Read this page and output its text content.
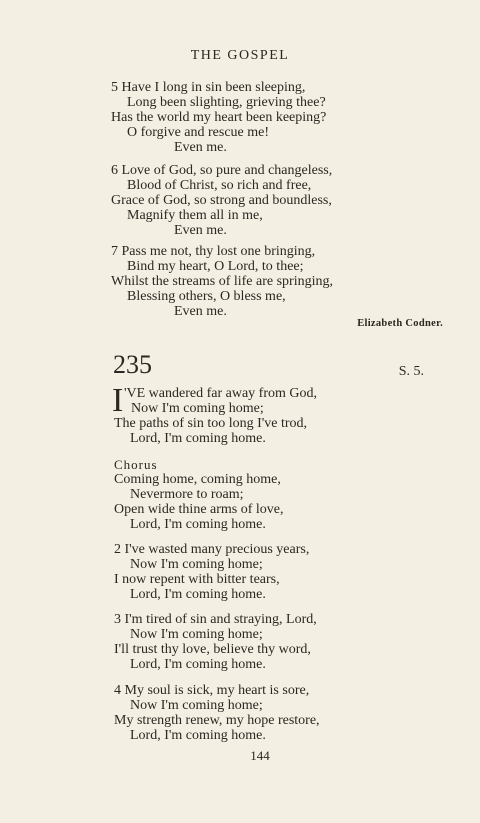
THE GOSPEL
5 Have I long in sin been sleeping,
Long been slighting, grieving thee?
Has the world my heart been keeping?
O forgive and rescue me!
Even me.
6 Love of God, so pure and changeless,
Blood of Christ, so rich and free,
Grace of God, so strong and boundless,
Magnify them all in me,
Even me.
7 Pass me not, thy lost one bringing,
Bind my heart, O Lord, to thee;
Whilst the streams of life are springing,
Blessing others, O bless me,
Even me.
Elizabeth Codner.
235	S. 5.
I 'VE wandered far away from God,
Now I'm coming home;
The paths of sin too long I've trod,
Lord, I'm coming home.
Chorus
Coming home, coming home,
Nevermore to roam;
Open wide thine arms of love,
Lord, I'm coming home.
2 I've wasted many precious years,
Now I'm coming home;
I now repent with bitter tears,
Lord, I'm coming home.
3 I'm tired of sin and straying, Lord,
Now I'm coming home;
I'll trust thy love, believe thy word,
Lord, I'm coming home.
4 My soul is sick, my heart is sore,
Now I'm coming home;
My strength renew, my hope restore,
Lord, I'm coming home.
144
